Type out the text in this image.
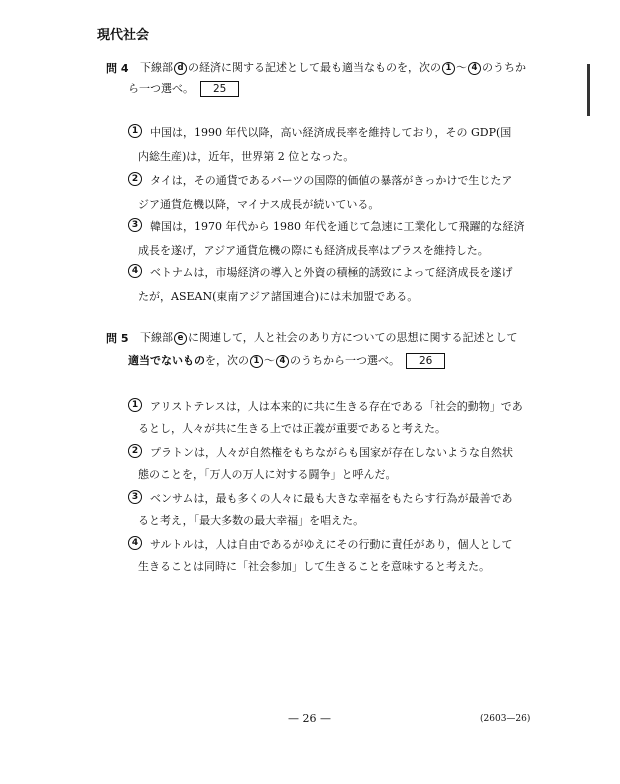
現代社会
問 4 下線部 d の経済に関する記述として最も適当なものを，次の 1 ～ 4 のうちか
ら一つ選べ。 25
1	中国は，1990 年代以降，高い経済成長率を維持しており，その GDP(国
内総生産)は，近年，世界第 2 位となった。
2	タイは，その通貨であるバーツの国際的価値の暴落がきっかけで生じたア
ジア通貨危機以降，マイナス成長が続いている。
3	韓国は，1970 年代から 1980 年代を通じて急速に工業化して飛躍的な経済
成長を遂げ，アジア通貨危機の際にも経済成長率はプラスを維持した。
4	ベトナムは，市場経済の導入と外資の積極的誘致によって経済成長を遂げ
たが，ASEAN(東南アジア諸国連合)には未加盟である。
問 5 下線部 e に関連して，人と社会のあり方についての思想に関する記述として
適当でないものを，次の 1 ～ 4 のうちから一つ選べ。 26
1	アリストテレスは，人は本来的に共に生きる存在である「社会的動物」であ
るとし，人々が共に生きる上では正義が重要であると考えた。
2	プラトンは，人々が自然権をもちながらも国家が存在しないような自然状
態のことを，「万人の万人に対する闘争」と呼んだ。
3	ベンサムは，最も多くの人々に最も大きな幸福をもたらす行為が最善であ
ると考え，「最大多数の最大幸福」を唱えた。
4	サルトルは，人は自由であるがゆえにその行動に責任があり，個人として
生きることは同時に「社会参加」して生きることを意味すると考えた。
— 26 —	(2603—26)
